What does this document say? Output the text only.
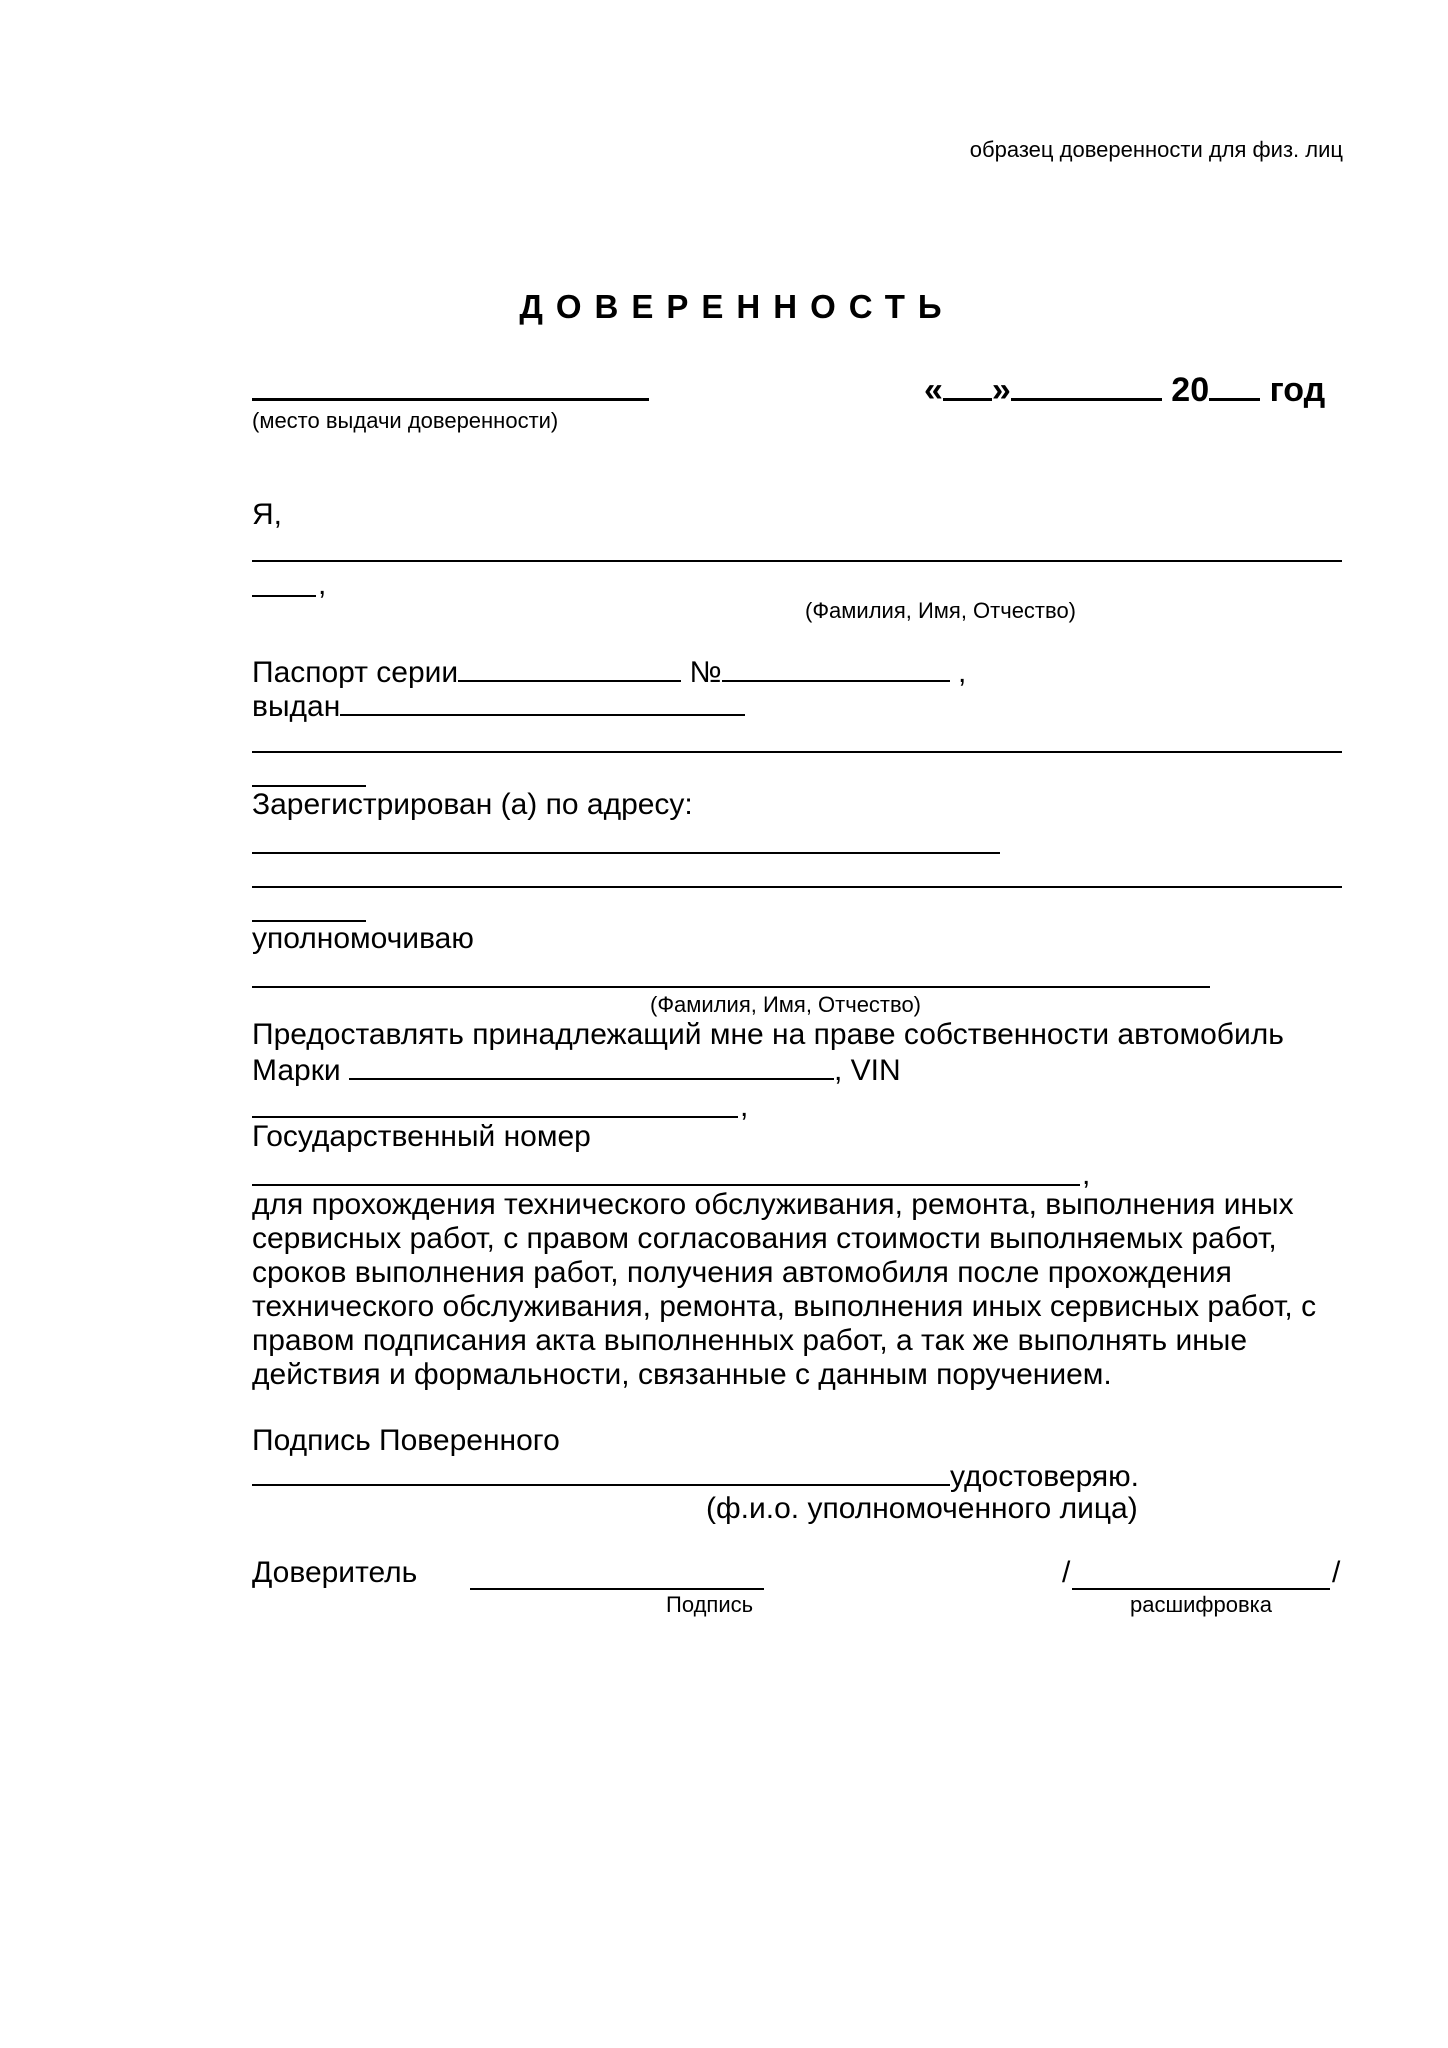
образец доверенности для физ. лиц
ДОВЕРЕННОСТЬ
(место выдачи доверенности)
« »	20 год
Я,
,
(Фамилия, Имя, Отчество)
Паспорт серии	№	,
выдан
Зарегистрирован (а) по адресу:
уполномочиваю
(Фамилия, Имя, Отчество)
Предоставлять принадлежащий мне на праве собственности автомобиль
Марки	, VIN
,
Государственный номер
,
для прохождения технического обслуживания, ремонта, выполнения иных
сервисных работ, с правом согласования стоимости выполняемых работ,
сроков выполнения работ, получения автомобиля после прохождения
технического обслуживания, ремонта, выполнения иных сервисных работ, с
правом подписания акта выполненных работ, а так же выполнять иные
действия и формальности, связанные с данным поручением.
Подпись Поверенного
удостоверяю.
(ф.и.о. уполномоченного лица)
Доверитель
Подпись
/	/
расшифровка
